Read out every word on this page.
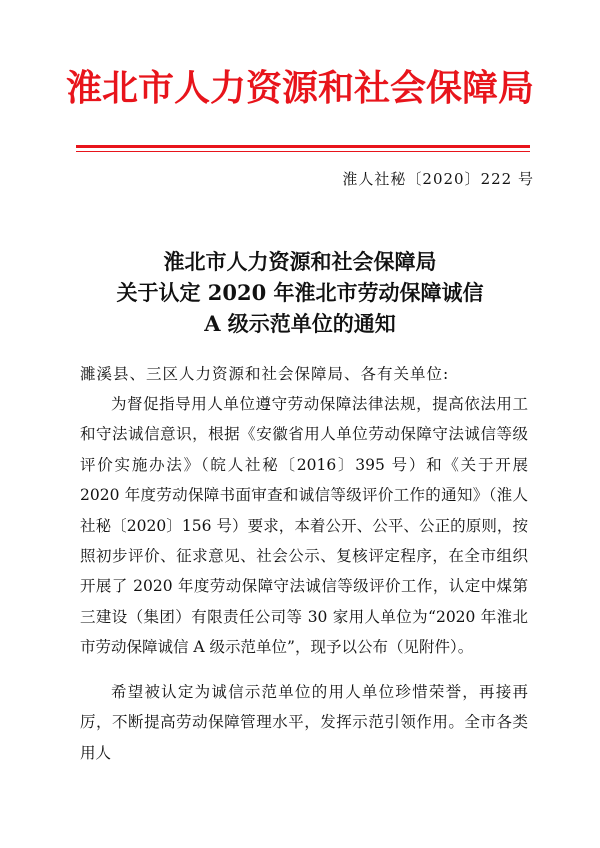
淮北市人力资源和社会保障局
淮人社秘〔2020〕222 号
淮北市人力资源和社会保障局
关于认定 2020 年淮北市劳动保障诚信
A 级示范单位的通知
濉溪县、三区人力资源和社会保障局、各有关单位:

为督促指导用人单位遵守劳动保障法律法规，提高依法用工和守法诚信意识，根据《安徽省用人单位劳动保障守法诚信等级评价实施办法》（皖人社秘〔2016〕395 号）和《关于开展 2020 年度劳动保障书面审查和诚信等级评价工作的通知》（淮人社秘〔2020〕156 号）要求，本着公开、公平、公正的原则，按照初步评价、征求意见、社会公示、复核评定程序，在全市组织开展了 2020 年度劳动保障守法诚信等级评价工作，认定中煤第三建设（集团）有限责任公司等 30 家用人单位为“2020 年淮北市劳动保障诚信 A 级示范单位”，现予以公布（见附件）。

希望被认定为诚信示范单位的用人单位珍惜荣誉，再接再厉，不断提高劳动保障管理水平，发挥示范引领作用。全市各类用人
